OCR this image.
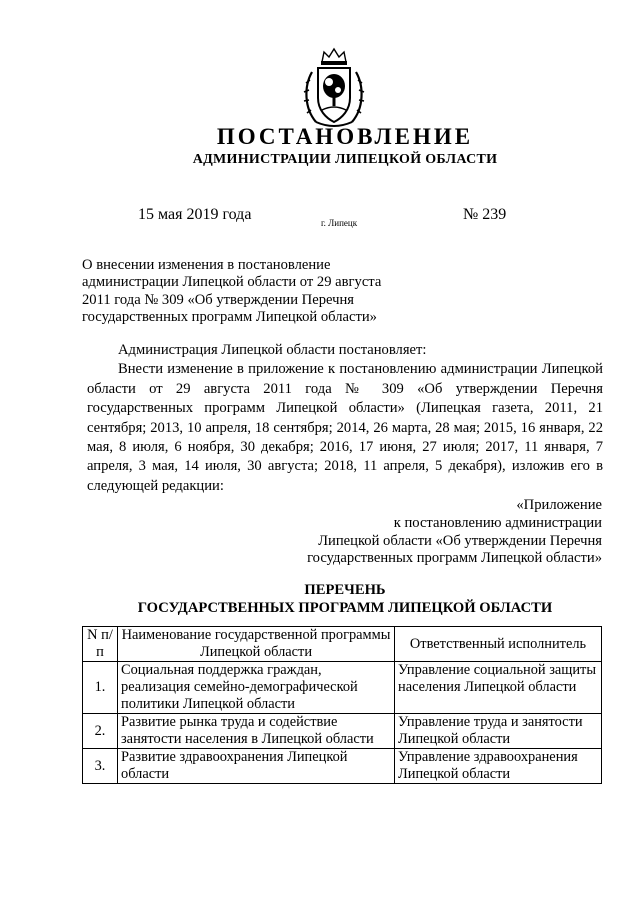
ПОСТАНОВЛЕНИЕ
АДМИНИСТРАЦИИ ЛИПЕЦКОЙ ОБЛАСТИ
15 мая 2019 года	г. Липецк	№ 239
О внесении изменения в постановление администрации Липецкой области от 29 августа 2011 года № 309 «Об утверждении Перечня государственных программ Липецкой области»

Администрация Липецкой области постановляет:

Внести изменение в приложение к постановлению администрации Липецкой области от 29 августа 2011 года № 309 «Об утверждении Перечня государственных программ Липецкой области» (Липецкая газета, 2011, 21 сентября; 2013, 10 апреля, 18 сентября; 2014, 26 марта, 28 мая; 2015, 16 января, 22 мая, 8 июля, 6 ноября, 30 декабря; 2016, 17 июня, 27 июля; 2017, 11 января, 7 апреля, 3 мая, 14 июля, 30 августа; 2018, 11 апреля, 5 декабря), изложив его в следующей редакции:

«Приложение
к постановлению администрации
Липецкой области «Об утверждении Перечня
государственных программ Липецкой области»
ПЕРЕЧЕНЬ
ГОСУДАРСТВЕННЫХ ПРОГРАММ ЛИПЕЦКОЙ ОБЛАСТИ
N п/п	Наименование государственной программы Липецкой области	Ответственный исполнитель
1.	Социальная поддержка граждан, реализация семейно-демографической политики Липецкой области	Управление социальной защиты населения Липецкой области
2.	Развитие рынка труда и содействие занятости населения в Липецкой области	Управление труда и занятости Липецкой области
3.	Развитие здравоохранения Липецкой области	Управление здравоохранения Липецкой области
